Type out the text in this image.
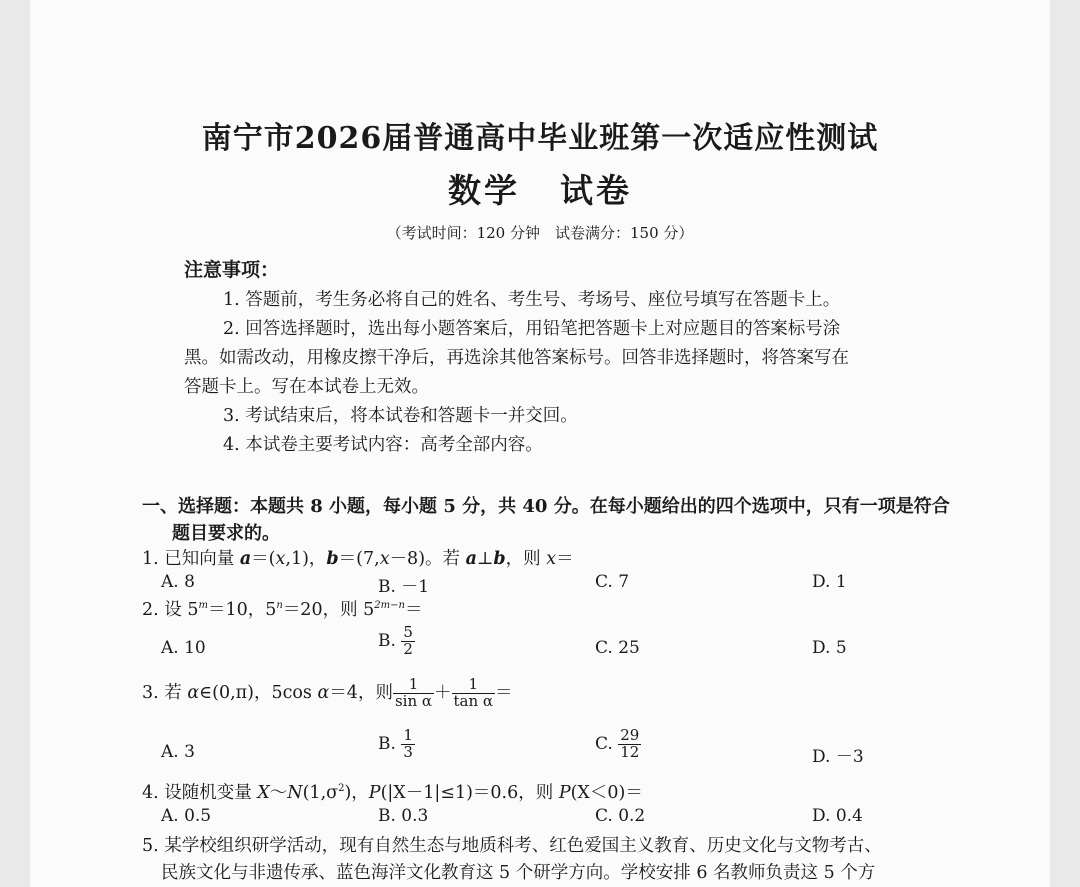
南宁市2026届普通高中毕业班第一次适应性测试
数学 试卷
（考试时间：120 分钟　试卷满分：150 分）
注意事项：
1. 答题前，考生务必将自己的姓名、考生号、考场号、座位号填写在答题卡上。
2. 回答选择题时，选出每小题答案后，用铅笔把答题卡上对应题目的答案标号涂
黑。如需改动，用橡皮擦干净后，再选涂其他答案标号。回答非选择题时，将答案写在
答题卡上。写在本试卷上无效。
3. 考试结束后，将本试卷和答题卡一并交回。
4. 本试卷主要考试内容：高考全部内容。
一、选择题：本题共 8 小题，每小题 5 分，共 40 分。在每小题给出的四个选项中，只有一项是符合
题目要求的。
1. 已知向量 a＝(x,1)，b＝(7,x－8)。若 a⊥b，则 x＝
A. 8	B. －1	C. 7	D. 1
2. 设 $5^m=10$，$5^n=20$，则 $5^{2m-n}=$
A. 10	B. $\frac{5}{2}$	C. 25	D. 5
3. 若 α∈(0,π)，5cos α＝4，则 $\frac{1}{\text{sin α}} + \frac{1}{\text{tan α}}$ ＝
A. 3	B. $\frac{1}{3}$	C. $\frac{29}{12}$	D. －3
4. 设随机变量 $X\sim N(1,\sigma^2)$，P(|X－1|≤1)＝0.6，则 P(X＜0)＝
A. 0.5	B. 0.3	C. 0.2	D. 0.4
5. 某学校组织研学活动，现有自然生态与地质科考、红色爱国主义教育、历史文化与文物考古、
民族文化与非遗传承、蓝色海洋文化教育这 5 个研学方向。学校安排 6 名教师负责这 5 个方
